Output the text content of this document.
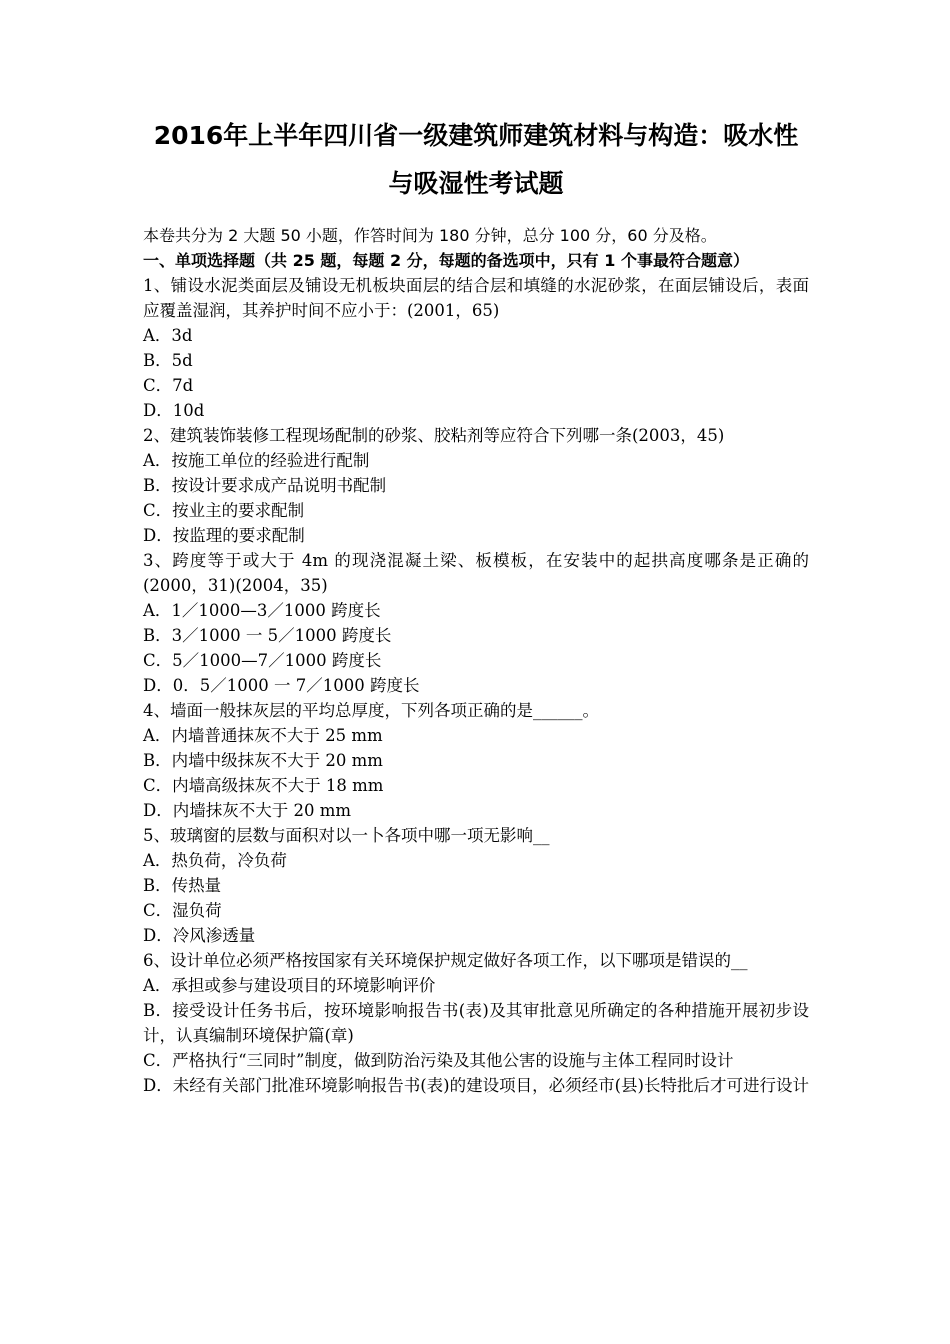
2016年上半年四川省一级建筑师建筑材料与构造：吸水性
与吸湿性考试题
本卷共分为 2 大题 50 小题，作答时间为 180 分钟，总分 100 分，60 分及格。
一、单项选择题（共 25 题，每题 2 分，每题的备选项中，只有 1 个事最符合题意）
1、铺设水泥类面层及铺设无机板块面层的结合层和填缝的水泥砂浆，在面层铺设后，表面应覆盖湿润，其养护时间不应小于：(2001，65)
A．3d
B．5d
C．7d
D．10d
2、建筑装饰装修工程现场配制的砂浆、胶粘剂等应符合下列哪一条(2003，45)
A．按施工单位的经验进行配制
B．按设计要求成产品说明书配制
C．按业主的要求配制
D．按监理的要求配制
3、跨度等于或大于 4m 的现浇混凝土梁、板模板，在安装中的起拱高度哪条是正确的(2000，31)(2004，35)
A．1／1000—3／1000 跨度长
B．3／1000 一 5／1000 跨度长
C．5／1000—7／1000 跨度长
D．0．5／1000 一 7／1000 跨度长
4、墙面一般抹灰层的平均总厚度，下列各项正确的是______。
A．内墙普通抹灰不大于 25 mm
B．内墙中级抹灰不大于 20 mm
C．内墙高级抹灰不大于 18 mm
D．内墙抹灰不大于 20 mm
5、玻璃窗的层数与面积对以一卜各项中哪一项无影响__
A．热负荷，冷负荷
B．传热量
C．湿负荷
D．冷风渗透量
6、设计单位必须严格按国家有关环境保护规定做好各项工作，以下哪项是错误的__
A．承担或参与建设项目的环境影响评价
B．接受设计任务书后，按环境影响报告书(表)及其审批意见所确定的各种措施开展初步设计，认真编制环境保护篇(章)
C．严格执行“三同时”制度，做到防治污染及其他公害的设施与主体工程同时设计
D．未经有关部门批准环境影响报告书(表)的建设项目，必须经市(县)长特批后才可进行设计
